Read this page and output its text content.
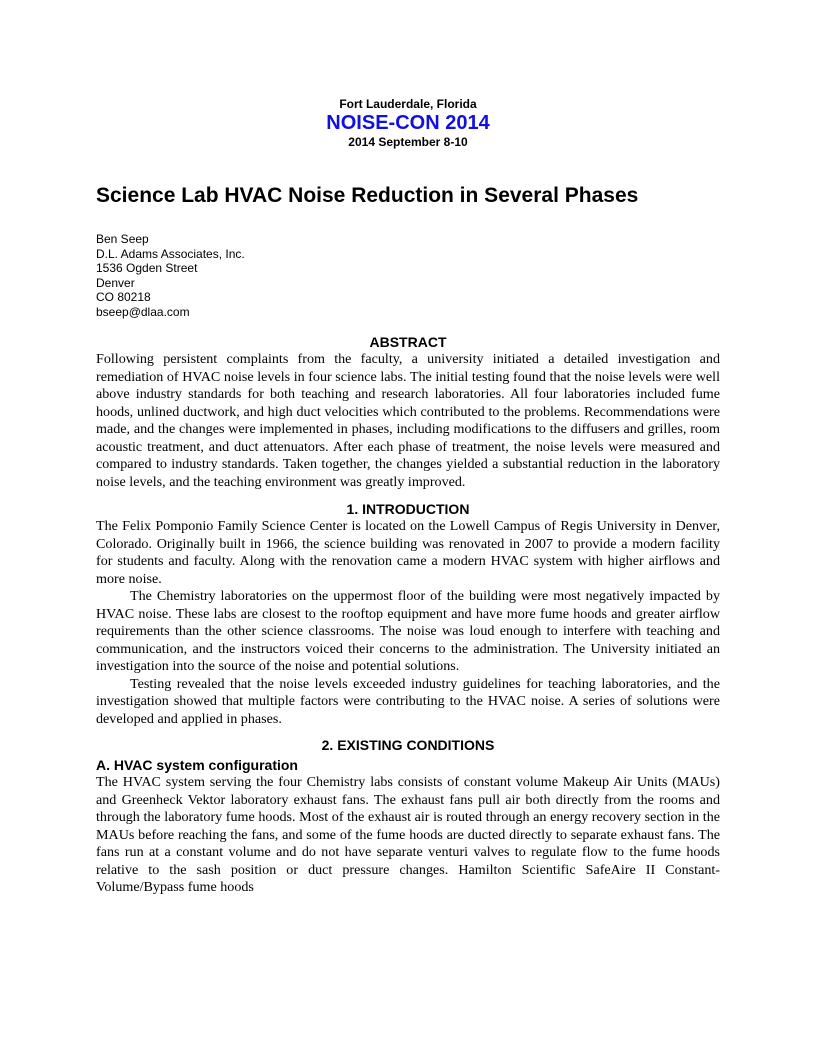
Fort Lauderdale, Florida
NOISE-CON 2014
2014 September 8-10
Science Lab HVAC Noise Reduction in Several Phases
Ben Seep
D.L. Adams Associates, Inc.
1536 Ogden Street
Denver
CO 80218
bseep@dlaa.com
ABSTRACT

Following persistent complaints from the faculty, a university initiated a detailed investigation and remediation of HVAC noise levels in four science labs. The initial testing found that the noise levels were well above industry standards for both teaching and research laboratories. All four laboratories included fume hoods, unlined ductwork, and high duct velocities which contributed to the problems. Recommendations were made, and the changes were implemented in phases, including modifications to the diffusers and grilles, room acoustic treatment, and duct attenuators. After each phase of treatment, the noise levels were measured and compared to industry standards. Taken together, the changes yielded a substantial reduction in the laboratory noise levels, and the teaching environment was greatly improved.

1. INTRODUCTION

The Felix Pomponio Family Science Center is located on the Lowell Campus of Regis University in Denver, Colorado. Originally built in 1966, the science building was renovated in 2007 to provide a modern facility for students and faculty. Along with the renovation came a modern HVAC system with higher airflows and more noise.

The Chemistry laboratories on the uppermost floor of the building were most negatively impacted by HVAC noise. These labs are closest to the rooftop equipment and have more fume hoods and greater airflow requirements than the other science classrooms. The noise was loud enough to interfere with teaching and communication, and the instructors voiced their concerns to the administration. The University initiated an investigation into the source of the noise and potential solutions.

Testing revealed that the noise levels exceeded industry guidelines for teaching laboratories, and the investigation showed that multiple factors were contributing to the HVAC noise. A series of solutions were developed and applied in phases.

2. EXISTING CONDITIONS
A. HVAC system configuration

The HVAC system serving the four Chemistry labs consists of constant volume Makeup Air Units (MAUs) and Greenheck Vektor laboratory exhaust fans. The exhaust fans pull air both directly from the rooms and through the laboratory fume hoods. Most of the exhaust air is routed through an energy recovery section in the MAUs before reaching the fans, and some of the fume hoods are ducted directly to separate exhaust fans. The fans run at a constant volume and do not have separate venturi valves to regulate flow to the fume hoods relative to the sash position or duct pressure changes. Hamilton Scientific SafeAire II Constant-Volume/Bypass fume hoods
